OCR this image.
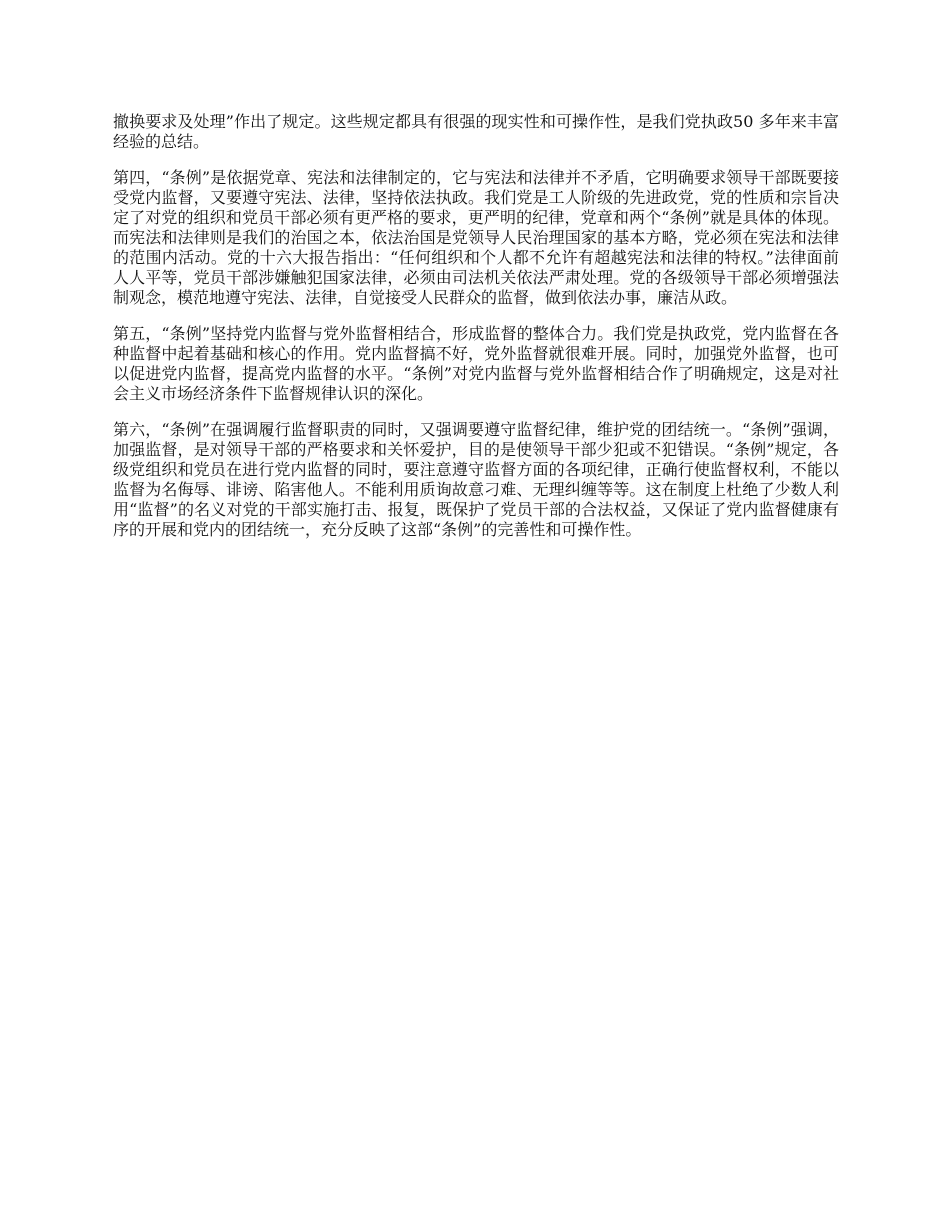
撤换要求及处理”作出了规定。这些规定都具有很强的现实性和可操作性，是我们党执政50 多年来丰富经验的总结。

第四，“条例”是依据党章、宪法和法律制定的，它与宪法和法律并不矛盾，它明确要求领导干部既要接受党内监督，又要遵守宪法、法律，坚持依法执政。我们党是工人阶级的先进政党，党的性质和宗旨决定了对党的组织和党员干部必须有更严格的要求，更严明的纪律，党章和两个“条例”就是具体的体现。而宪法和法律则是我们的治国之本，依法治国是党领导人民治理国家的基本方略，党必须在宪法和法律的范围内活动。党的十六大报告指出：“任何组织和个人都不允许有超越宪法和法律的特权。”法律面前人人平等，党员干部涉嫌触犯国家法律，必须由司法机关依法严肃处理。党的各级领导干部必须增强法制观念，模范地遵守宪法、法律，自觉接受人民群众的监督，做到依法办事，廉洁从政。

第五，“条例”坚持党内监督与党外监督相结合，形成监督的整体合力。我们党是执政党，党内监督在各种监督中起着基础和核心的作用。党内监督搞不好，党外监督就很难开展。同时，加强党外监督，也可以促进党内监督，提高党内监督的水平。“条例”对党内监督与党外监督相结合作了明确规定，这是对社会主义市场经济条件下监督规律认识的深化。

第六，“条例”在强调履行监督职责的同时，又强调要遵守监督纪律，维护党的团结统一。“条例”强调，加强监督，是对领导干部的严格要求和关怀爱护，目的是使领导干部少犯或不犯错误。“条例”规定，各级党组织和党员在进行党内监督的同时，要注意遵守监督方面的各项纪律，正确行使监督权利，不能以监督为名侮辱、诽谤、陷害他人。不能利用质询故意刁难、无理纠缠等等。这在制度上杜绝了少数人利用“监督”的名义对党的干部实施打击、报复，既保护了党员干部的合法权益，又保证了党内监督健康有序的开展和党内的团结统一，充分反映了这部“条例”的完善性和可操作性。
